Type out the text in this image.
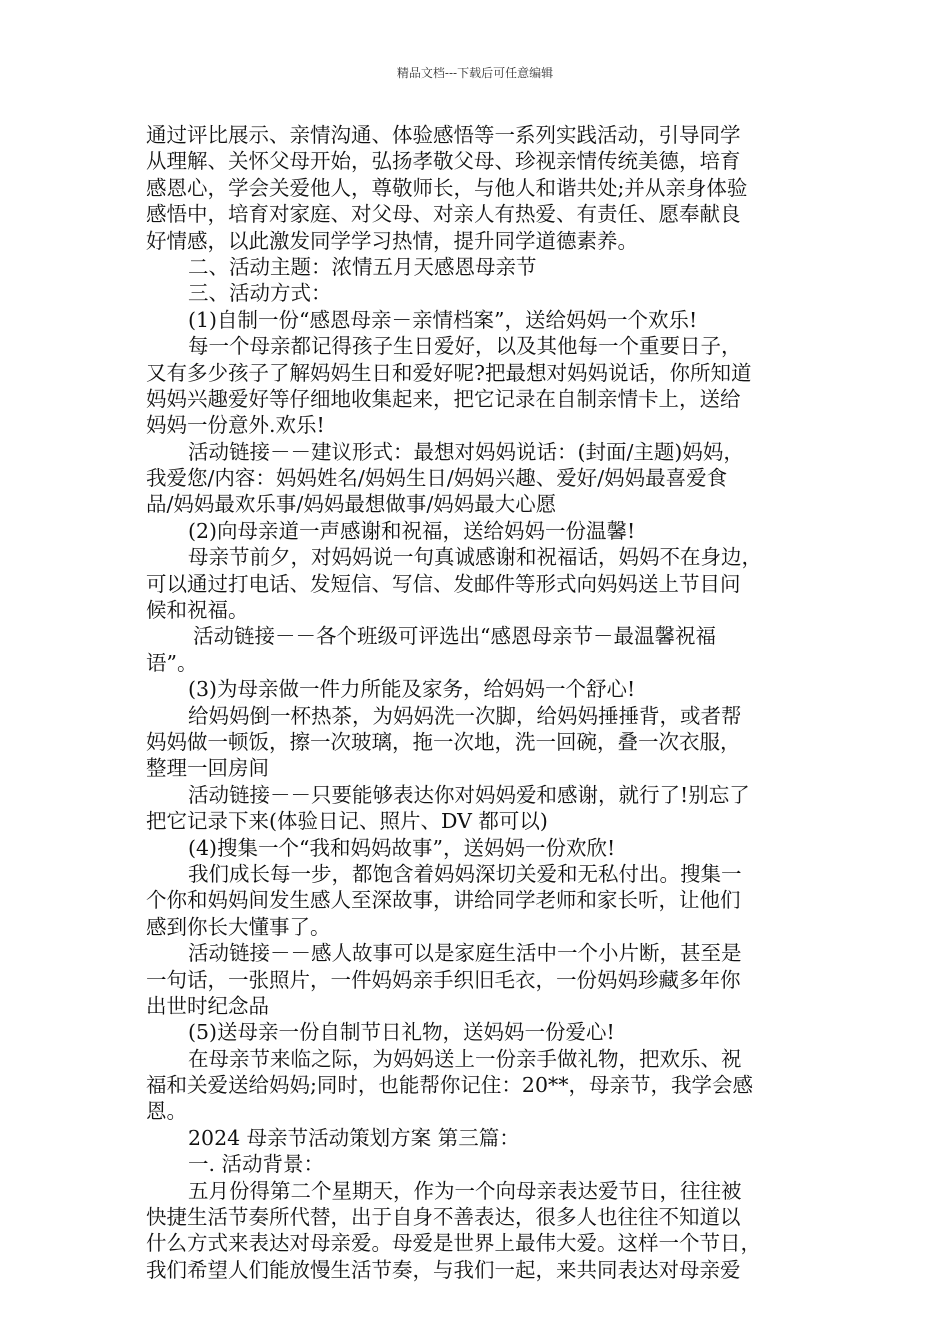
精品文档---下载后可任意编辑
通过评比展示、亲情沟通、体验感悟等一系列实践活动，引导同学
从理解、关怀父母开始，弘扬孝敬父母、珍视亲情传统美德，培育
感恩心，学会关爱他人，尊敬师长，与他人和谐共处;并从亲身体验
感悟中，培育对家庭、对父母、对亲人有热爱、有责任、愿奉献良
好情感，以此激发同学学习热情，提升同学道德素养。
二、活动主题：浓情五月天感恩母亲节
三、活动方式：
(1)自制一份“感恩母亲－亲情档案”，送给妈妈一个欢乐!
每一个母亲都记得孩子生日爱好，以及其他每一个重要日子，
又有多少孩子了解妈妈生日和爱好呢?把最想对妈妈说话，你所知道
妈妈兴趣爱好等仔细地收集起来，把它记录在自制亲情卡上，送给
妈妈一份意外.欢乐!
活动链接－－建议形式：最想对妈妈说话：(封面/主题)妈妈，
我爱您/内容：妈妈姓名/妈妈生日/妈妈兴趣、爱好/妈妈最喜爱食
品/妈妈最欢乐事/妈妈最想做事/妈妈最大心愿
(2)向母亲道一声感谢和祝福，送给妈妈一份温馨!
母亲节前夕，对妈妈说一句真诚感谢和祝福话，妈妈不在身边，
可以通过打电话、发短信、写信、发邮件等形式向妈妈送上节目问
候和祝福。
活动链接－－各个班级可评选出“感恩母亲节－最温馨祝福
语”。
(3)为母亲做一件力所能及家务，给妈妈一个舒心!
给妈妈倒一杯热茶，为妈妈洗一次脚，给妈妈捶捶背，或者帮
妈妈做一顿饭，擦一次玻璃，拖一次地，洗一回碗，叠一次衣服，
整理一回房间
活动链接－－只要能够表达你对妈妈爱和感谢，就行了!别忘了
把它记录下来(体验日记、照片、DV 都可以)
(4)搜集一个“我和妈妈故事”，送妈妈一份欢欣!
我们成长每一步，都饱含着妈妈深切关爱和无私付出。搜集一
个你和妈妈间发生感人至深故事，讲给同学老师和家长听，让他们
感到你长大懂事了。
活动链接－－感人故事可以是家庭生活中一个小片断，甚至是
一句话，一张照片，一件妈妈亲手织旧毛衣，一份妈妈珍藏多年你
出世时纪念品
(5)送母亲一份自制节日礼物，送妈妈一份爱心!
在母亲节来临之际，为妈妈送上一份亲手做礼物，把欢乐、祝
福和关爱送给妈妈;同时，也能帮你记住：20**，母亲节，我学会感
恩。
2024 母亲节活动策划方案 第三篇：
一. 活动背景：
五月份得第二个星期天，作为一个向母亲表达爱节日，往往被
快捷生活节奏所代替，出于自身不善表达，很多人也往往不知道以
什么方式来表达对母亲爱。母爱是世界上最伟大爱。这样一个节日，
我们希望人们能放慢生活节奏，与我们一起，来共同表达对母亲爱
